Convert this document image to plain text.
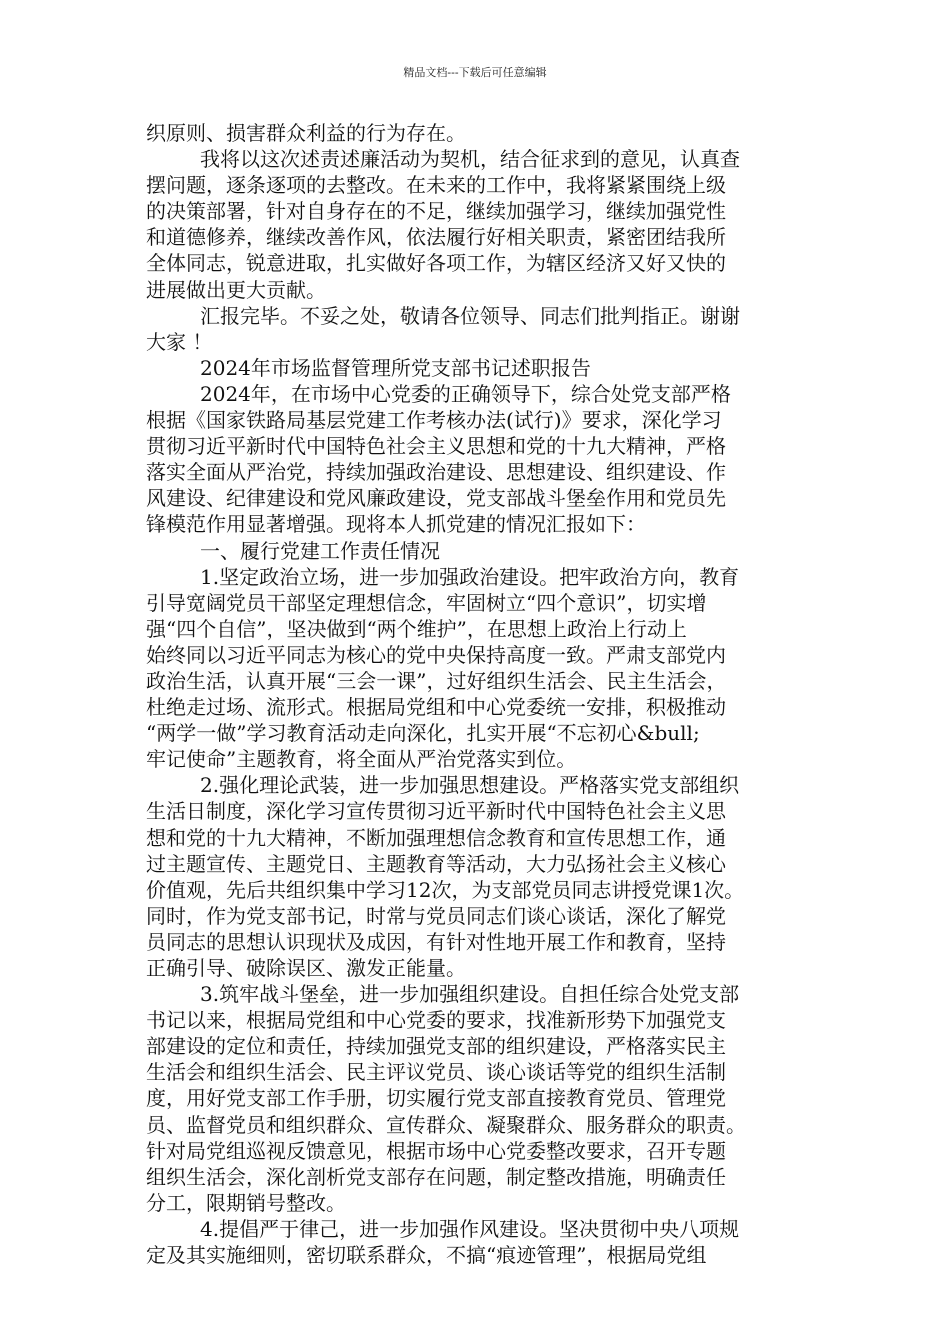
精品文档---下载后可任意编辑
织原则、损害群众利益的行为存在。
我将以这次述责述廉活动为契机，结合征求到的意见，认真查
摆问题，逐条逐项的去整改。在未来的工作中，我将紧紧围绕上级
的决策部署，针对自身存在的不足，继续加强学习，继续加强党性
和道德修养，继续改善作风，依法履行好相关职责，紧密团结我所
全体同志，锐意进取，扎实做好各项工作，为辖区经济又好又快的
进展做出更大贡献。
汇报完毕。不妥之处，敬请各位领导、同志们批判指正。谢谢
大家 ！
2024年市场监督管理所党支部书记述职报告
2024年，在市场中心党委的正确领导下，综合处党支部严格
根据《国家铁路局基层党建工作考核办法(试行)》要求，深化学习
贯彻习近平新时代中国特色社会主义思想和党的十九大精神，严格
落实全面从严治党，持续加强政治建设、思想建设、组织建设、作
风建设、纪律建设和党风廉政建设，党支部战斗堡垒作用和党员先
锋模范作用显著增强。现将本人抓党建的情况汇报如下：
一、履行党建工作责任情况
1.坚定政治立场，进一步加强政治建设。把牢政治方向，教育
引导宽阔党员干部坚定理想信念，牢固树立“四个意识”，切实增
强“四个自信”，坚决做到“两个维护”，在思想上政治上行动上
始终同以习近平同志为核心的党中央保持高度一致。严肃支部党内
政治生活，认真开展“三会一课”，过好组织生活会、民主生活会，
杜绝走过场、流形式。根据局党组和中心党委统一安排，积极推动
“两学一做”学习教育活动走向深化，扎实开展“不忘初心&bull;
牢记使命”主题教育，将全面从严治党落实到位。
2.强化理论武装，进一步加强思想建设。严格落实党支部组织
生活日制度，深化学习宣传贯彻习近平新时代中国特色社会主义思
想和党的十九大精神，不断加强理想信念教育和宣传思想工作，通
过主题宣传、主题党日、主题教育等活动，大力弘扬社会主义核心
价值观，先后共组织集中学习12次，为支部党员同志讲授党课1次。
同时，作为党支部书记，时常与党员同志们谈心谈话，深化了解党
员同志的思想认识现状及成因，有针对性地开展工作和教育，坚持
正确引导、破除误区、激发正能量。
3.筑牢战斗堡垒，进一步加强组织建设。自担任综合处党支部
书记以来，根据局党组和中心党委的要求，找准新形势下加强党支
部建设的定位和责任，持续加强党支部的组织建设，严格落实民主
生活会和组织生活会、民主评议党员、谈心谈话等党的组织生活制
度，用好党支部工作手册，切实履行党支部直接教育党员、管理党
员、监督党员和组织群众、宣传群众、凝聚群众、服务群众的职责。
针对局党组巡视反馈意见，根据市场中心党委整改要求，召开专题
组织生活会，深化剖析党支部存在问题，制定整改措施，明确责任
分工，限期销号整改。
4.提倡严于律己，进一步加强作风建设。坚决贯彻中央八项规
定及其实施细则，密切联系群众，不搞“痕迹管理”，根据局党组
